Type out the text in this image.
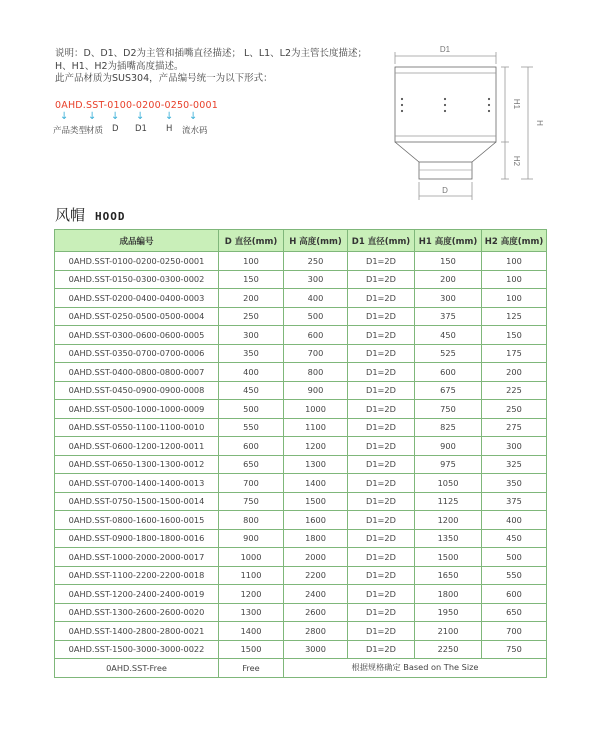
说明：D、D1、D2为主管和插嘴直径描述； L、L1、L2为主管长度描述；
H、H1、H2为插嘴高度描述。
此产品材质为SUS304，产品编号统一为以下形式：
0AHD.SST-0100-0200-0250-0001
↓ ↓ ↓ ↓ ↓ ↓
产品类型
材质 D D1 H 流水码
D1
D
H1
H2
H
风帽 HOOD
成品编号	D 直径(mm)	H 高度(mm)	D1 直径(mm)	H1 高度(mm)	H2 高度(mm)
0AHD.SST-0100-0200-0250-0001	100	250	D1=2D	150	100
0AHD.SST-0150-0300-0300-0002	150	300	D1=2D	200	100
0AHD.SST-0200-0400-0400-0003	200	400	D1=2D	300	100
0AHD.SST-0250-0500-0500-0004	250	500	D1=2D	375	125
0AHD.SST-0300-0600-0600-0005	300	600	D1=2D	450	150
0AHD.SST-0350-0700-0700-0006	350	700	D1=2D	525	175
0AHD.SST-0400-0800-0800-0007	400	800	D1=2D	600	200
0AHD.SST-0450-0900-0900-0008	450	900	D1=2D	675	225
0AHD.SST-0500-1000-1000-0009	500	1000	D1=2D	750	250
0AHD.SST-0550-1100-1100-0010	550	1100	D1=2D	825	275
0AHD.SST-0600-1200-1200-0011	600	1200	D1=2D	900	300
0AHD.SST-0650-1300-1300-0012	650	1300	D1=2D	975	325
0AHD.SST-0700-1400-1400-0013	700	1400	D1=2D	1050	350
0AHD.SST-0750-1500-1500-0014	750	1500	D1=2D	1125	375
0AHD.SST-0800-1600-1600-0015	800	1600	D1=2D	1200	400
0AHD.SST-0900-1800-1800-0016	900	1800	D1=2D	1350	450
0AHD.SST-1000-2000-2000-0017	1000	2000	D1=2D	1500	500
0AHD.SST-1100-2200-2200-0018	1100	2200	D1=2D	1650	550
0AHD.SST-1200-2400-2400-0019	1200	2400	D1=2D	1800	600
0AHD.SST-1300-2600-2600-0020	1300	2600	D1=2D	1950	650
0AHD.SST-1400-2800-2800-0021	1400	2800	D1=2D	2100	700
0AHD.SST-1500-3000-3000-0022	1500	3000	D1=2D	2250	750
0AHD.SST-Free	Free	根据规格确定 Based on The Size			
